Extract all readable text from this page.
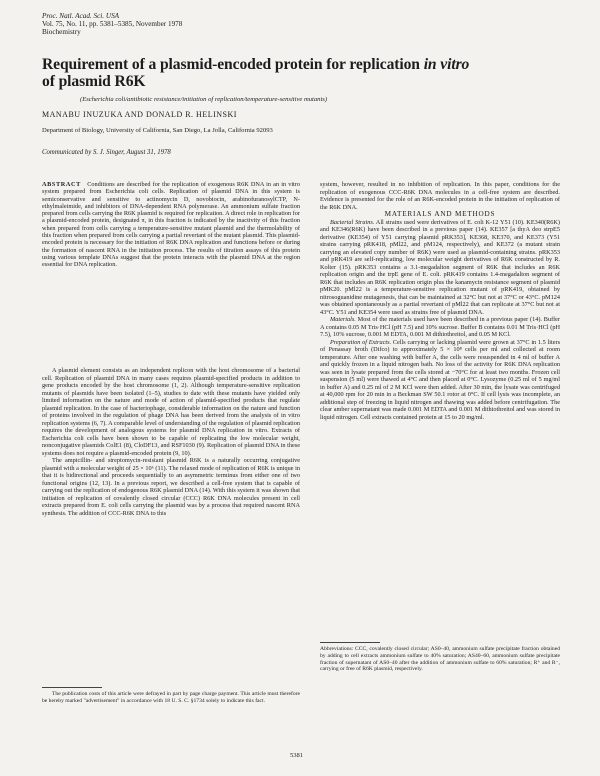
Proc. Natl. Acad. Sci. USA
Vol. 75, No. 11, pp. 5381–5385, November 1978
Biochemistry
Requirement of a plasmid-encoded protein for replication in vitro
of plasmid R6K
(Escherichia coli/antibiotic resistance/initiation of replication/temperature-sensitive mutants)
MANABU INUZUKA AND DONALD R. HELINSKI
Department of Biology, University of California, San Diego, La Jolla, California 92093
Communicated by S. J. Singer, August 31, 1978

ABSTRACT Conditions are described for the replication of exogenous R6K DNA in an in vitro system prepared from Escherichia coli cells. Replication of plasmid DNA in this system is semiconservative and sensitive to actinomycin D, novobiocin, arabinofuranosylCTP, N-ethylmaleimide, and inhibitors of DNA-dependent RNA polymerase. An ammonium sulfate fraction prepared from cells carrying the R6K plasmid is required for replication. A direct role in replication for a plasmid-encoded protein, designated π, in this fraction is indicated by the inactivity of this fraction when prepared from cells carrying a temperature-sensitive mutant plasmid and the thermolability of this fraction when prepared from cells carrying a partial revertant of the mutant plasmid. This plasmid-encoded protein is necessary for the initiation of R6K DNA replication and functions before or during the formation of nascent RNA in the initiation process. The results of titration assays of this protein using various template DNAs suggest that the protein interacts with the plasmid DNA at the region essential for DNA replication.

A plasmid element consists as an independent replicon with the host chromosome of a bacterial cell. Replication of plasmid DNA in many cases requires plasmid-specified products in addition to gene products encoded by the host chromosome (1, 2). Although temperature-sensitive replication mutants of plasmids have been isolated (1–5), studies to date with these mutants have yielded only limited information on the nature and mode of action of plasmid-specified products that regulate plasmid replication. In the case of bacteriophage, considerable information on the nature and function of proteins involved in the regulation of phage DNA has been derived from the analysis of in vitro replication systems (6, 7). A comparable level of understanding of the regulation of plasmid replication requires the development of analogous systems for plasmid DNA replication in vitro. Extracts of Escherichia coli cells have been shown to be capable of replicating the low molecular weight, nonconjugative plasmids ColE1 (8), CloDF13, and RSF1030 (9). Replication of plasmid DNA in these systems does not require a plasmid-encoded protein (9, 10).

The ampicillin- and streptomycin-resistant plasmid R6K is a naturally occurring conjugative plasmid with a molecular weight of 25 × 10⁶ (11). The relaxed mode of replication of R6K is unique in that it is bidirectional and proceeds sequentially to an asymmetric terminus from either one of two functional origins (12, 13). In a previous report, we described a cell-free system that is capable of carrying out the replication of endogenous R6K plasmid DNA (14). With this system it was shown that initiation of replication of covalently closed circular (CCC) R6K DNA molecules present in cell extracts prepared from E. coli cells carrying the plasmid was by a process that required nascent RNA synthesis. The addition of CCC-R6K DNA to this

system, however, resulted in no inhibition of replication. In this paper, conditions for the replication of exogenous CCC-R6K DNA molecules in a cell-free system are described. Evidence is presented for the role of an R6K-encoded protein in the initiation of replication of the R6K DNA.

MATERIALS AND METHODS

Bacterial Strains. All strains used were derivatives of E. coli K-12 Y51 (10). KE340(R6K) and KE346(R6K) have been described in a previous paper (14). KE357 [a thyA deo strpE5 derivative (KE354) of Y51 carrying plasmid pRK353], KE368, KE370, and KE373 (Y51 strains carrying pRK418, pMl22, and pM124, respectively), and KE372 (a mutant strain carrying an elevated copy number of R6K) were used as plasmid-containing strains. pRK353 and pRK419 are self-replicating, low molecular weight derivatives of R6K constructed by R. Kolter (15). pRK353 contains a 3.1-megadalton segment of R6K that includes an R6K replication origin and the trpE gene of E. coli. pRK419 contains 1.4-megadalton segment of R6K that includes an R6K replication origin plus the kanamycin resistance segment of plasmid pMK20. pMl22 is a temperature-sensitive replication mutant of pRK419, obtained by nitrosoguanidine mutagenesis, that can be maintained at 32°C but not at 37°C or 43°C. pM124 was obtained spontaneously as a partial revertant of pMl22 that can replicate at 37°C but not at 43°C. Y51 and KE354 were used as strains free of plasmid DNA.

Materials. Most of the materials used have been described in a previous paper (14). Buffer A contains 0.05 M Tris·HCl (pH 7.5) and 10% sucrose. Buffer B contains 0.01 M Tris·HCl (pH 7.5), 10% sucrose, 0.001 M EDTA, 0.001 M dithiothreitol, and 0.05 M KCl.

Preparation of Extracts. Cells carrying or lacking plasmid were grown at 37°C in 1.5 liters of Penassay broth (Difco) to approximately 5 × 10⁸ cells per ml and collected at room temperature. After one washing with buffer A, the cells were resuspended in 4 ml of buffer A and quickly frozen in a liquid nitrogen bath. No loss of the activity for R6K DNA replication was seen in lysate prepared from the cells stored at −70°C for at least two months. Frozen cell suspension (5 ml) were thawed at 4°C and then placed at 0°C. Lysozyme (0.25 ml of 5 mg/ml in buffer A) and 0.25 ml of 2 M KCl were then added. After 30 min, the lysate was centrifuged at 40,000 rpm for 20 min in a Beckman SW 50.1 rotor at 0°C. If cell lysis was incomplete, an additional step of freezing in liquid nitrogen and thawing was added before centrifugation. The clear amber supernatant was made 0.001 M EDTA and 0.001 M dithiothreitol and was stored in liquid nitrogen. Cell extracts contained protein at 15 to 20 mg/ml.

Abbreviations: CCC, covalently closed circular; AS0–40, ammonium sulfate precipitate fraction obtained by adding to cell extracts ammonium sulfate to 40% saturation; AS40–60, ammonium sulfate precipitate fraction of supernatant of AS0–40 after the addition of ammonium sulfate to 60% saturation; R⁺ and R⁻, carrying or free of R6K plasmid, respectively.

The publication costs of this article were defrayed in part by page charge payment. This article must therefore be hereby marked "advertisement" in accordance with 18 U. S. C. §1734 solely to indicate this fact.

5381
